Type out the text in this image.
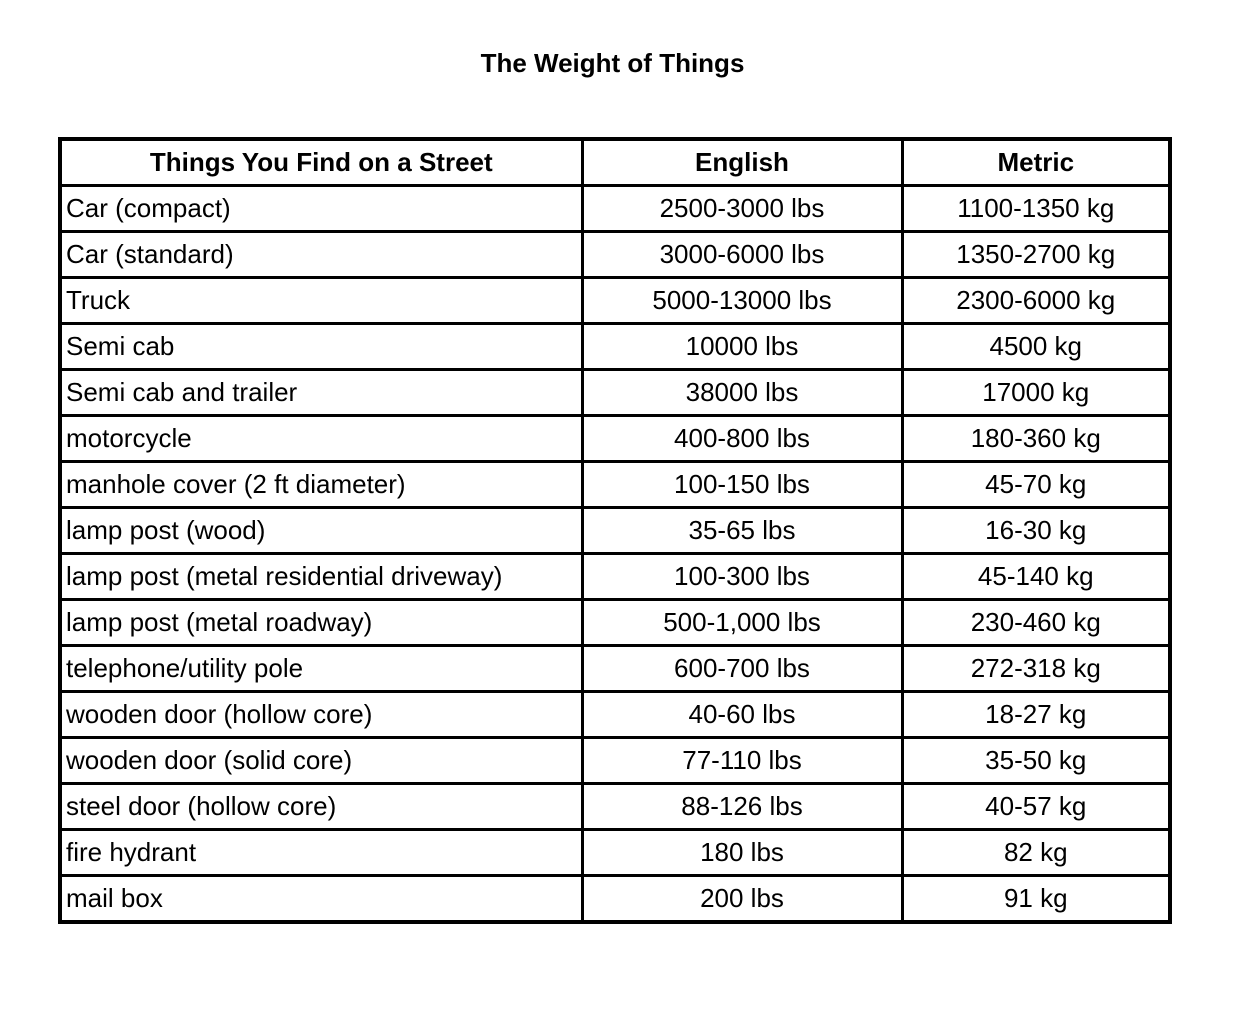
The Weight of Things
Things You Find on a Street	English	Metric
Car (compact)	2500-3000 lbs	1100-1350 kg
Car (standard)	3000-6000 lbs	1350-2700 kg
Truck	5000-13000 lbs	2300-6000 kg
Semi cab	10000 lbs	4500 kg
Semi cab and trailer	38000 lbs	17000 kg
motorcycle	400-800 lbs	180-360 kg
manhole cover (2 ft diameter)	100-150 lbs	45-70 kg
lamp post (wood)	35-65 lbs	16-30 kg
lamp post (metal residential driveway)	100-300 lbs	45-140 kg
lamp post (metal roadway)	500-1,000 lbs	230-460 kg
telephone/utility pole	600-700 lbs	272-318 kg
wooden door (hollow core)	40-60 lbs	18-27 kg
wooden door (solid core)	77-110 lbs	35-50 kg
steel door (hollow core)	88-126 lbs	40-57 kg
fire hydrant	180 lbs	82 kg
mail box	200 lbs	91 kg
